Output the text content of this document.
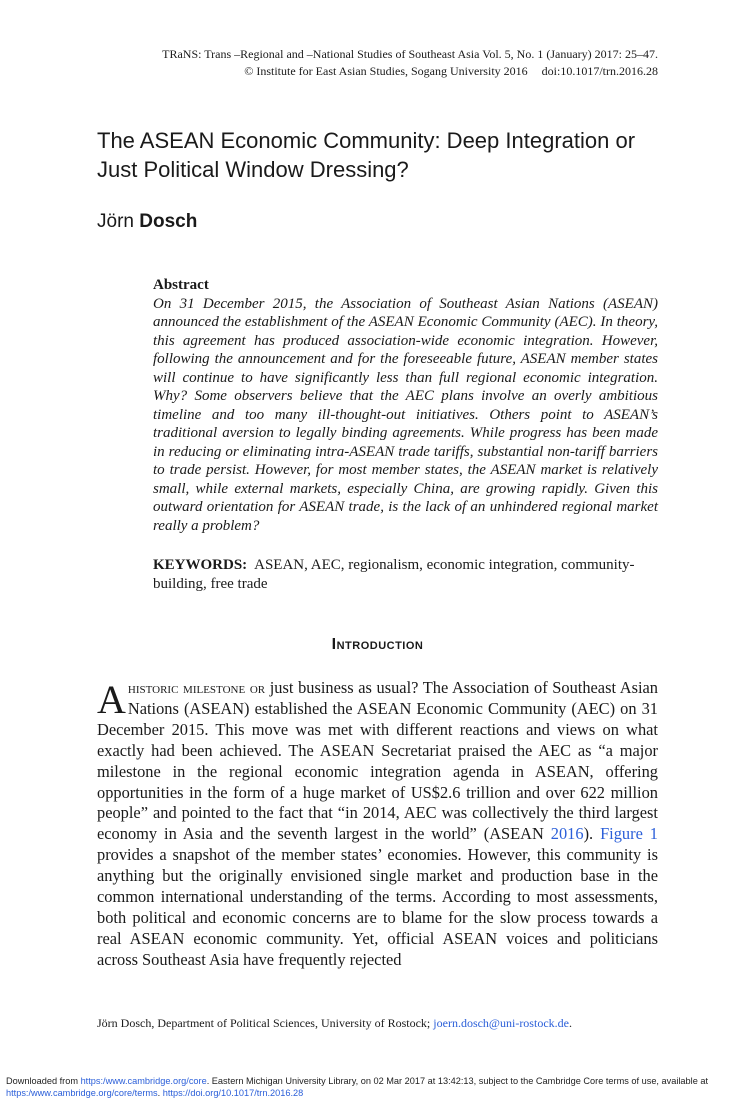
TRaNS: Trans –Regional and –National Studies of Southeast Asia Vol. 5, No. 1 (January) 2017: 25–47.
© Institute for East Asian Studies, Sogang University 2016 doi:10.1017/trn.2016.28
The ASEAN Economic Community: Deep Integration or Just Political Window Dressing?
Jörn Dosch
Abstract

On 31 December 2015, the Association of Southeast Asian Nations (ASEAN) announced the establishment of the ASEAN Economic Community (AEC). In theory, this agreement has produced association-wide economic integration. However, following the announcement and for the foreseeable future, ASEAN member states will continue to have significantly less than full regional economic integration. Why? Some observers believe that the AEC plans involve an overly ambitious timeline and too many ill-thought-out initiatives. Others point to ASEAN’s traditional aversion to legally binding agreements. While progress has been made in reducing or eliminating intra-ASEAN trade tariffs, substantial non-tariff barriers to trade persist. However, for most member states, the ASEAN market is relatively small, while external markets, especially China, are growing rapidly. Given this outward orientation for ASEAN trade, is the lack of an unhindered regional market really a problem?

KEYWORDS: ASEAN, AEC, regionalism, economic integration, community-building, free trade
Introduction

Ahistoric milestone or just business as usual? The Association of Southeast Asian Nations (ASEAN) established the ASEAN Economic Community (AEC) on 31 December 2015. This move was met with different reactions and views on what exactly had been achieved. The ASEAN Secretariat praised the AEC as “a major milestone in the regional economic integration agenda in ASEAN, offering opportunities in the form of a huge market of US$2.6 trillion and over 622 million people” and pointed to the fact that “in 2014, AEC was collectively the third largest economy in Asia and the seventh largest in the world” (ASEAN 2016). Figure 1 provides a snapshot of the member states’ economies. However, this community is anything but the originally envisioned single market and production base in the common international understanding of the terms. According to most assessments, both political and economic concerns are to blame for the slow process towards a real ASEAN economic community. Yet, official ASEAN voices and politicians across Southeast Asia have frequently rejected

Jörn Dosch, Department of Political Sciences, University of Rostock; joern.dosch@uni-rostock.de.
Downloaded from https:/www.cambridge.org/core. Eastern Michigan University Library, on 02 Mar 2017 at 13:42:13, subject to the Cambridge Core terms of use, available at https:/www.cambridge.org/core/terms. https://doi.org/10.1017/trn.2016.28
